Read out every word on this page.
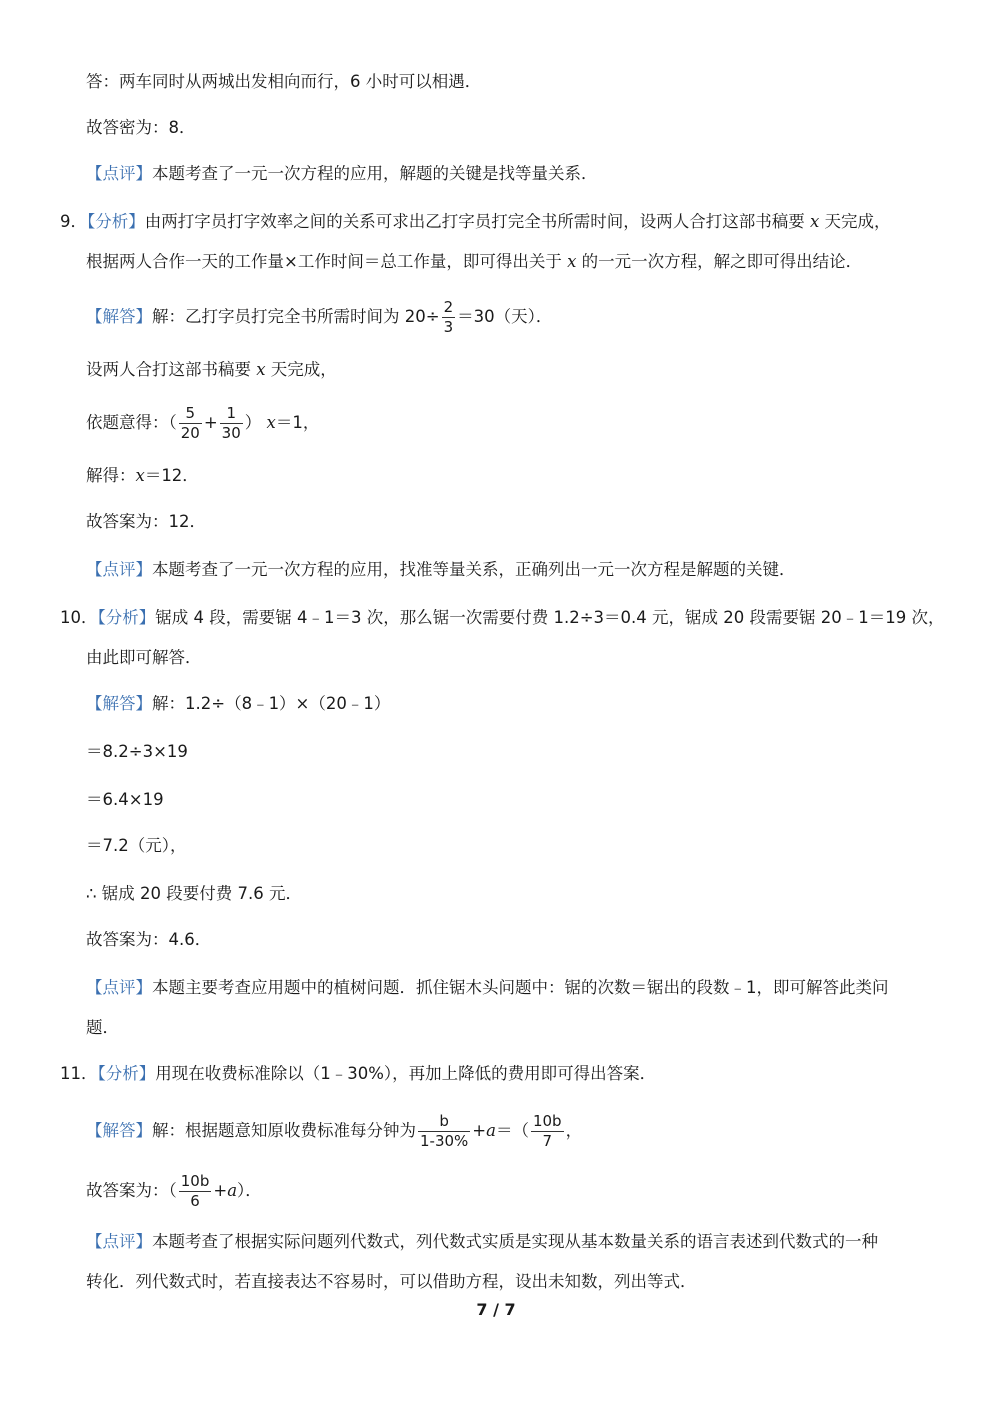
答：两车同时从两城出发相向而行，6 小时可以相遇．
故答密为：8．
【点评】本题考查了一元一次方程的应用，解题的关键是找等量关系．
9．【分析】由两打字员打字效率之间的关系可求出乙打字员打完全书所需时间，设两人合打这部书稿要 x 天完成，
根据两人合作一天的工作量×工作时间＝总工作量，即可得出关于 x 的一元一次方程，解之即可得出结论．
【解答】解：乙打字员打完全书所需时间为 $20\div \frac{2}{3} =30$（天）．
设两人合打这部书稿要 x 天完成，
依题意得：（ $\frac{5}{20} + \frac{1}{30}$ ） x＝1，
解得：x＝12．
故答案为：12．
【点评】本题考查了一元一次方程的应用，找准等量关系，正确列出一元一次方程是解题的关键．
10．【分析】锯成 4 段，需要锯 4﹣1＝3 次，那么锯一次需要付费 1.2÷3＝0.4 元，锯成 20 段需要锯 20﹣1＝19 次，
由此即可解答．
【解答】解：1.2÷（8﹣1）×（20﹣1）
＝8.2÷3×19
＝6.4×19
＝7.2（元），
∴ 锯成 20 段要付费 7.6 元．
故答案为：4.6．
【点评】本题主要考查应用题中的植树问题．抓住锯木头问题中：锯的次数＝锯出的段数﹣1，即可解答此类问
题．
11．【分析】用现在收费标准除以（1﹣30%），再加上降低的费用即可得出答案．
【解答】解：根据题意知原收费标准每分钟为 $\frac{b}{1-30\%} +a=( \frac{10b}{7}$ ，
故答案为：（ $\frac{10b}{6} +a$）．
【点评】本题考查了根据实际问题列代数式，列代数式实质是实现从基本数量关系的语言表述到代数式的一种
转化．列代数式时，若直接表达不容易时，可以借助方程，设出未知数，列出等式．
7 / 7
